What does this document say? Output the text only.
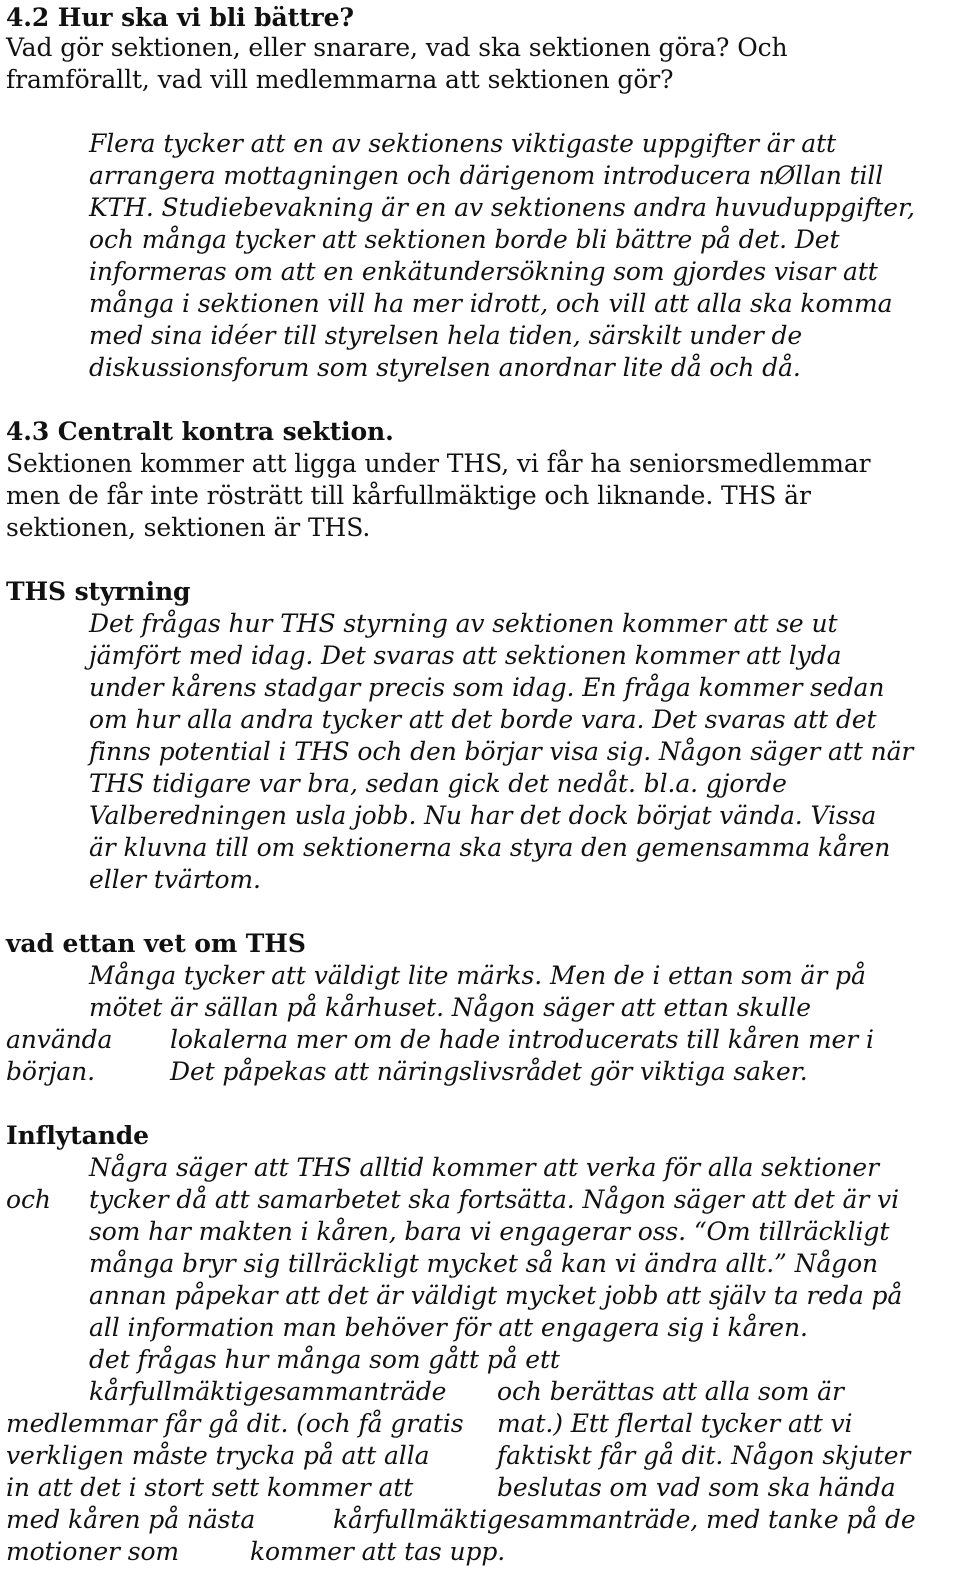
4.2 Hur ska vi bli bättre?
Vad gör sektionen, eller snarare, vad ska sektionen göra? Och
framförallt, vad vill medlemmarna att sektionen gör?
Flera tycker att en av sektionens viktigaste uppgifter är att
arrangera mottagningen och därigenom introducera nØllan till
KTH. Studiebevakning är en av sektionens andra huvuduppgifter,
och många tycker att sektionen borde bli bättre på det. Det
informeras om att en enkätundersökning som gjordes visar att
många i sektionen vill ha mer idrott, och vill att alla ska komma
med sina idéer till styrelsen hela tiden, särskilt under de
diskussionsforum som styrelsen anordnar lite då och då.
4.3 Centralt kontra sektion.
Sektionen kommer att ligga under THS, vi får ha seniorsmedlemmar
men de får inte rösträtt till kårfullmäktige och liknande. THS är
sektionen, sektionen är THS.
THS styrning
Det frågas hur THS styrning av sektionen kommer att se ut
jämfört med idag. Det svaras att sektionen kommer att lyda
under kårens stadgar precis som idag. En fråga kommer sedan
om hur alla andra tycker att det borde vara. Det svaras att det
finns potential i THS och den börjar visa sig. Någon säger att när
THS tidigare var bra, sedan gick det nedåt. bl.a. gjorde
Valberedningen usla jobb. Nu har det dock börjat vända. Vissa
är kluvna till om sektionerna ska styra den gemensamma kåren
eller tvärtom.
vad ettan vet om THS
Många tycker att väldigt lite märks. Men de i ettan som är på
mötet är sällan på kårhuset. Någon säger att ettan skulle
använda lokalerna mer om de hade introducerats till kåren mer i
början.	Det påpekas att näringslivsrådet gör viktiga saker.
Inflytande
Några säger att THS alltid kommer att verka för alla sektioner
och tycker då att samarbetet ska fortsätta. Någon säger att det är vi
som har makten i kåren, bara vi engagerar oss. “Om tillräckligt
många bryr sig tillräckligt mycket så kan vi ändra allt.” Någon
annan påpekar att det är väldigt mycket jobb att själv ta reda på
all information man behöver för att engagera sig i kåren.
det frågas hur många som gått på ett
kårfullmäktigesammanträde och berättas att alla som är
medlemmar får gå dit. (och få gratis mat.) Ett flertal tycker att vi
verkligen måste trycka på att alla	faktiskt får gå dit. Någon skjuter
in att det i stort sett kommer att	beslutas om vad som ska hända
med kåren på nästa	kårfullmäktigesammanträde, med tanke på de
motioner som	kommer att tas upp.
